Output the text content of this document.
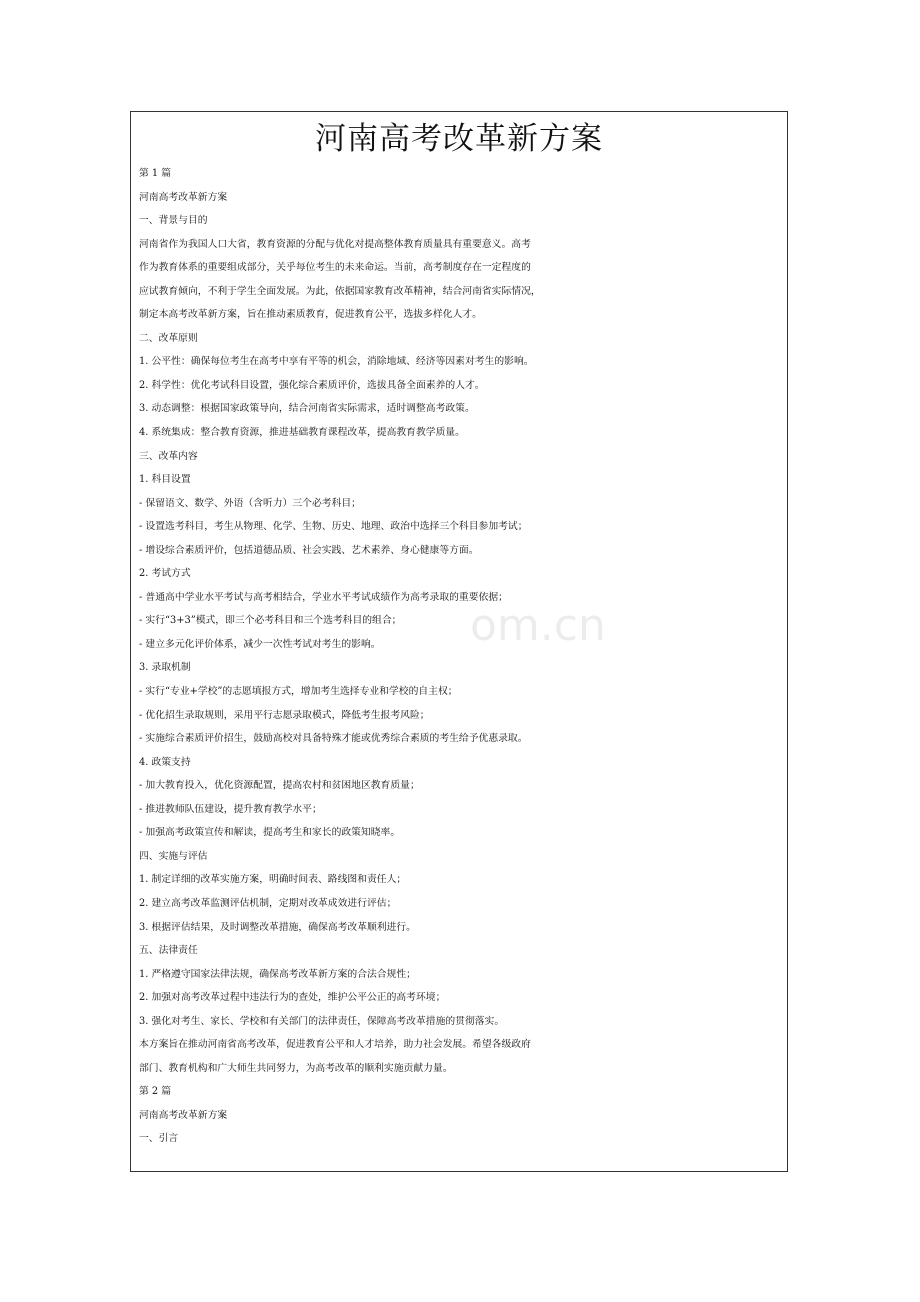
河南高考改革新方案
第 1 篇
河南高考改革新方案
一、背景与目的
河南省作为我国人口大省，教育资源的分配与优化对提高整体教育质量具有重要意义。高考
作为教育体系的重要组成部分，关乎每位考生的未来命运。当前，高考制度存在一定程度的
应试教育倾向，不利于学生全面发展。为此，依据国家教育改革精神，结合河南省实际情况，
制定本高考改革新方案，旨在推动素质教育，促进教育公平，选拔多样化人才。
二、改革原则
1. 公平性：确保每位考生在高考中享有平等的机会，消除地域、经济等因素对考生的影响。
2. 科学性：优化考试科目设置，强化综合素质评价，选拔具备全面素养的人才。
3. 动态调整：根据国家政策导向，结合河南省实际需求，适时调整高考政策。
4. 系统集成：整合教育资源，推进基础教育课程改革，提高教育教学质量。
三、改革内容
1. 科目设置
- 保留语文、数学、外语（含听力）三个必考科目；
- 设置选考科目，考生从物理、化学、生物、历史、地理、政治中选择三个科目参加考试；
- 增设综合素质评价，包括道德品质、社会实践、艺术素养、身心健康等方面。
2. 考试方式
- 普通高中学业水平考试与高考相结合，学业水平考试成绩作为高考录取的重要依据；
- 实行“3+3”模式，即三个必考科目和三个选考科目的组合；
- 建立多元化评价体系，减少一次性考试对考生的影响。
3. 录取机制
- 实行“专业+学校”的志愿填报方式，增加考生选择专业和学校的自主权；
- 优化招生录取规则，采用平行志愿录取模式，降低考生报考风险；
- 实施综合素质评价招生，鼓励高校对具备特殊才能或优秀综合素质的考生给予优惠录取。
4. 政策支持
- 加大教育投入，优化资源配置，提高农村和贫困地区教育质量；
- 推进教师队伍建设，提升教育教学水平；
- 加强高考政策宣传和解读，提高考生和家长的政策知晓率。
四、实施与评估
1. 制定详细的改革实施方案，明确时间表、路线图和责任人；
2. 建立高考改革监测评估机制，定期对改革成效进行评估；
3. 根据评估结果，及时调整改革措施，确保高考改革顺利进行。
五、法律责任
1. 严格遵守国家法律法规，确保高考改革新方案的合法合规性；
2. 加强对高考改革过程中违法行为的查处，维护公平公正的高考环境；
3. 强化对考生、家长、学校和有关部门的法律责任，保障高考改革措施的贯彻落实。
本方案旨在推动河南省高考改革，促进教育公平和人才培养，助力社会发展。希望各级政府
部门、教育机构和广大师生共同努力，为高考改革的顺利实施贡献力量。
第 2 篇
河南高考改革新方案
一、引言
om.cn
